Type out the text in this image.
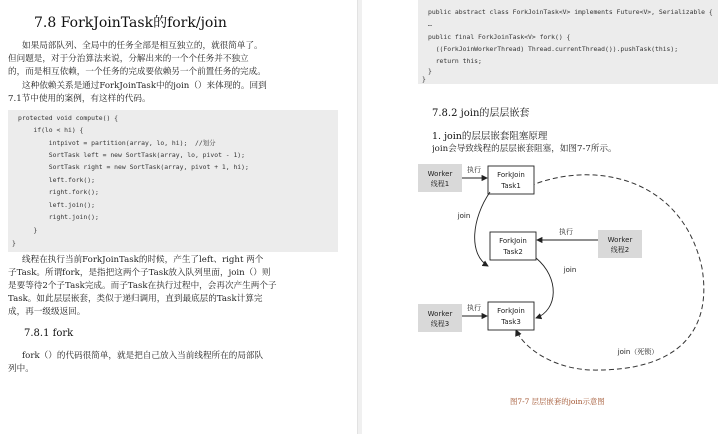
7.8 ForkJoinTask的fork/join
如果局部队列、全局中的任务全部是相互独立的，就很简单了。
但问题是，对于分治算法来说，分解出来的一个个任务并不独立
的，而是相互依赖，一个任务的完成要依赖另一个前置任务的完成。
这种依赖关系是通过ForkJoinTask中的join（）来体现的。回到
7.1节中使用的案例，有这样的代码。
protected void compute() {
if(lo < hi) {
intpivot = partition(array, lo, hi);  //划分
SortTask left = new SortTask(array, lo, pivot - 1);
SortTask right = new SortTask(array, pivot + 1, hi);
left.fork();
right.fork();
left.join();
right.join();
}
}
线程在执行当前ForkJoinTask的时候，产生了left、right 两个
子Task。所谓fork，是指把这两个子Task放入队列里面，join（）则
是要等待2个子Task完成。而子Task在执行过程中，会再次产生两个子
Task。如此层层嵌套，类似于递归调用，直到最底层的Task计算完
成，再一级级返回。
7.8.1 fork
fork（）的代码很简单，就是把自己放入当前线程所在的局部队
列中。
public abstract class ForkJoinTask<V> implements Future<V>, Serializable {
…
public final ForkJoinTask<V> fork() {
((ForkJoinWorkerThread) Thread.currentThread()).pushTask(this);
return this;
}
}
7.8.2 join的层层嵌套
1. join的层层嵌套阻塞原理
join会导致线程的层层嵌套阻塞，如图7-7所示。
Worker
线程1
ForkJoin
Task1
执行
join
ForkJoin
Task2
Worker
线程2
执行
join
Worker
线程3
ForkJoin
Task3
执行
join（死锁）
图7-7 层层嵌套的join示意图
